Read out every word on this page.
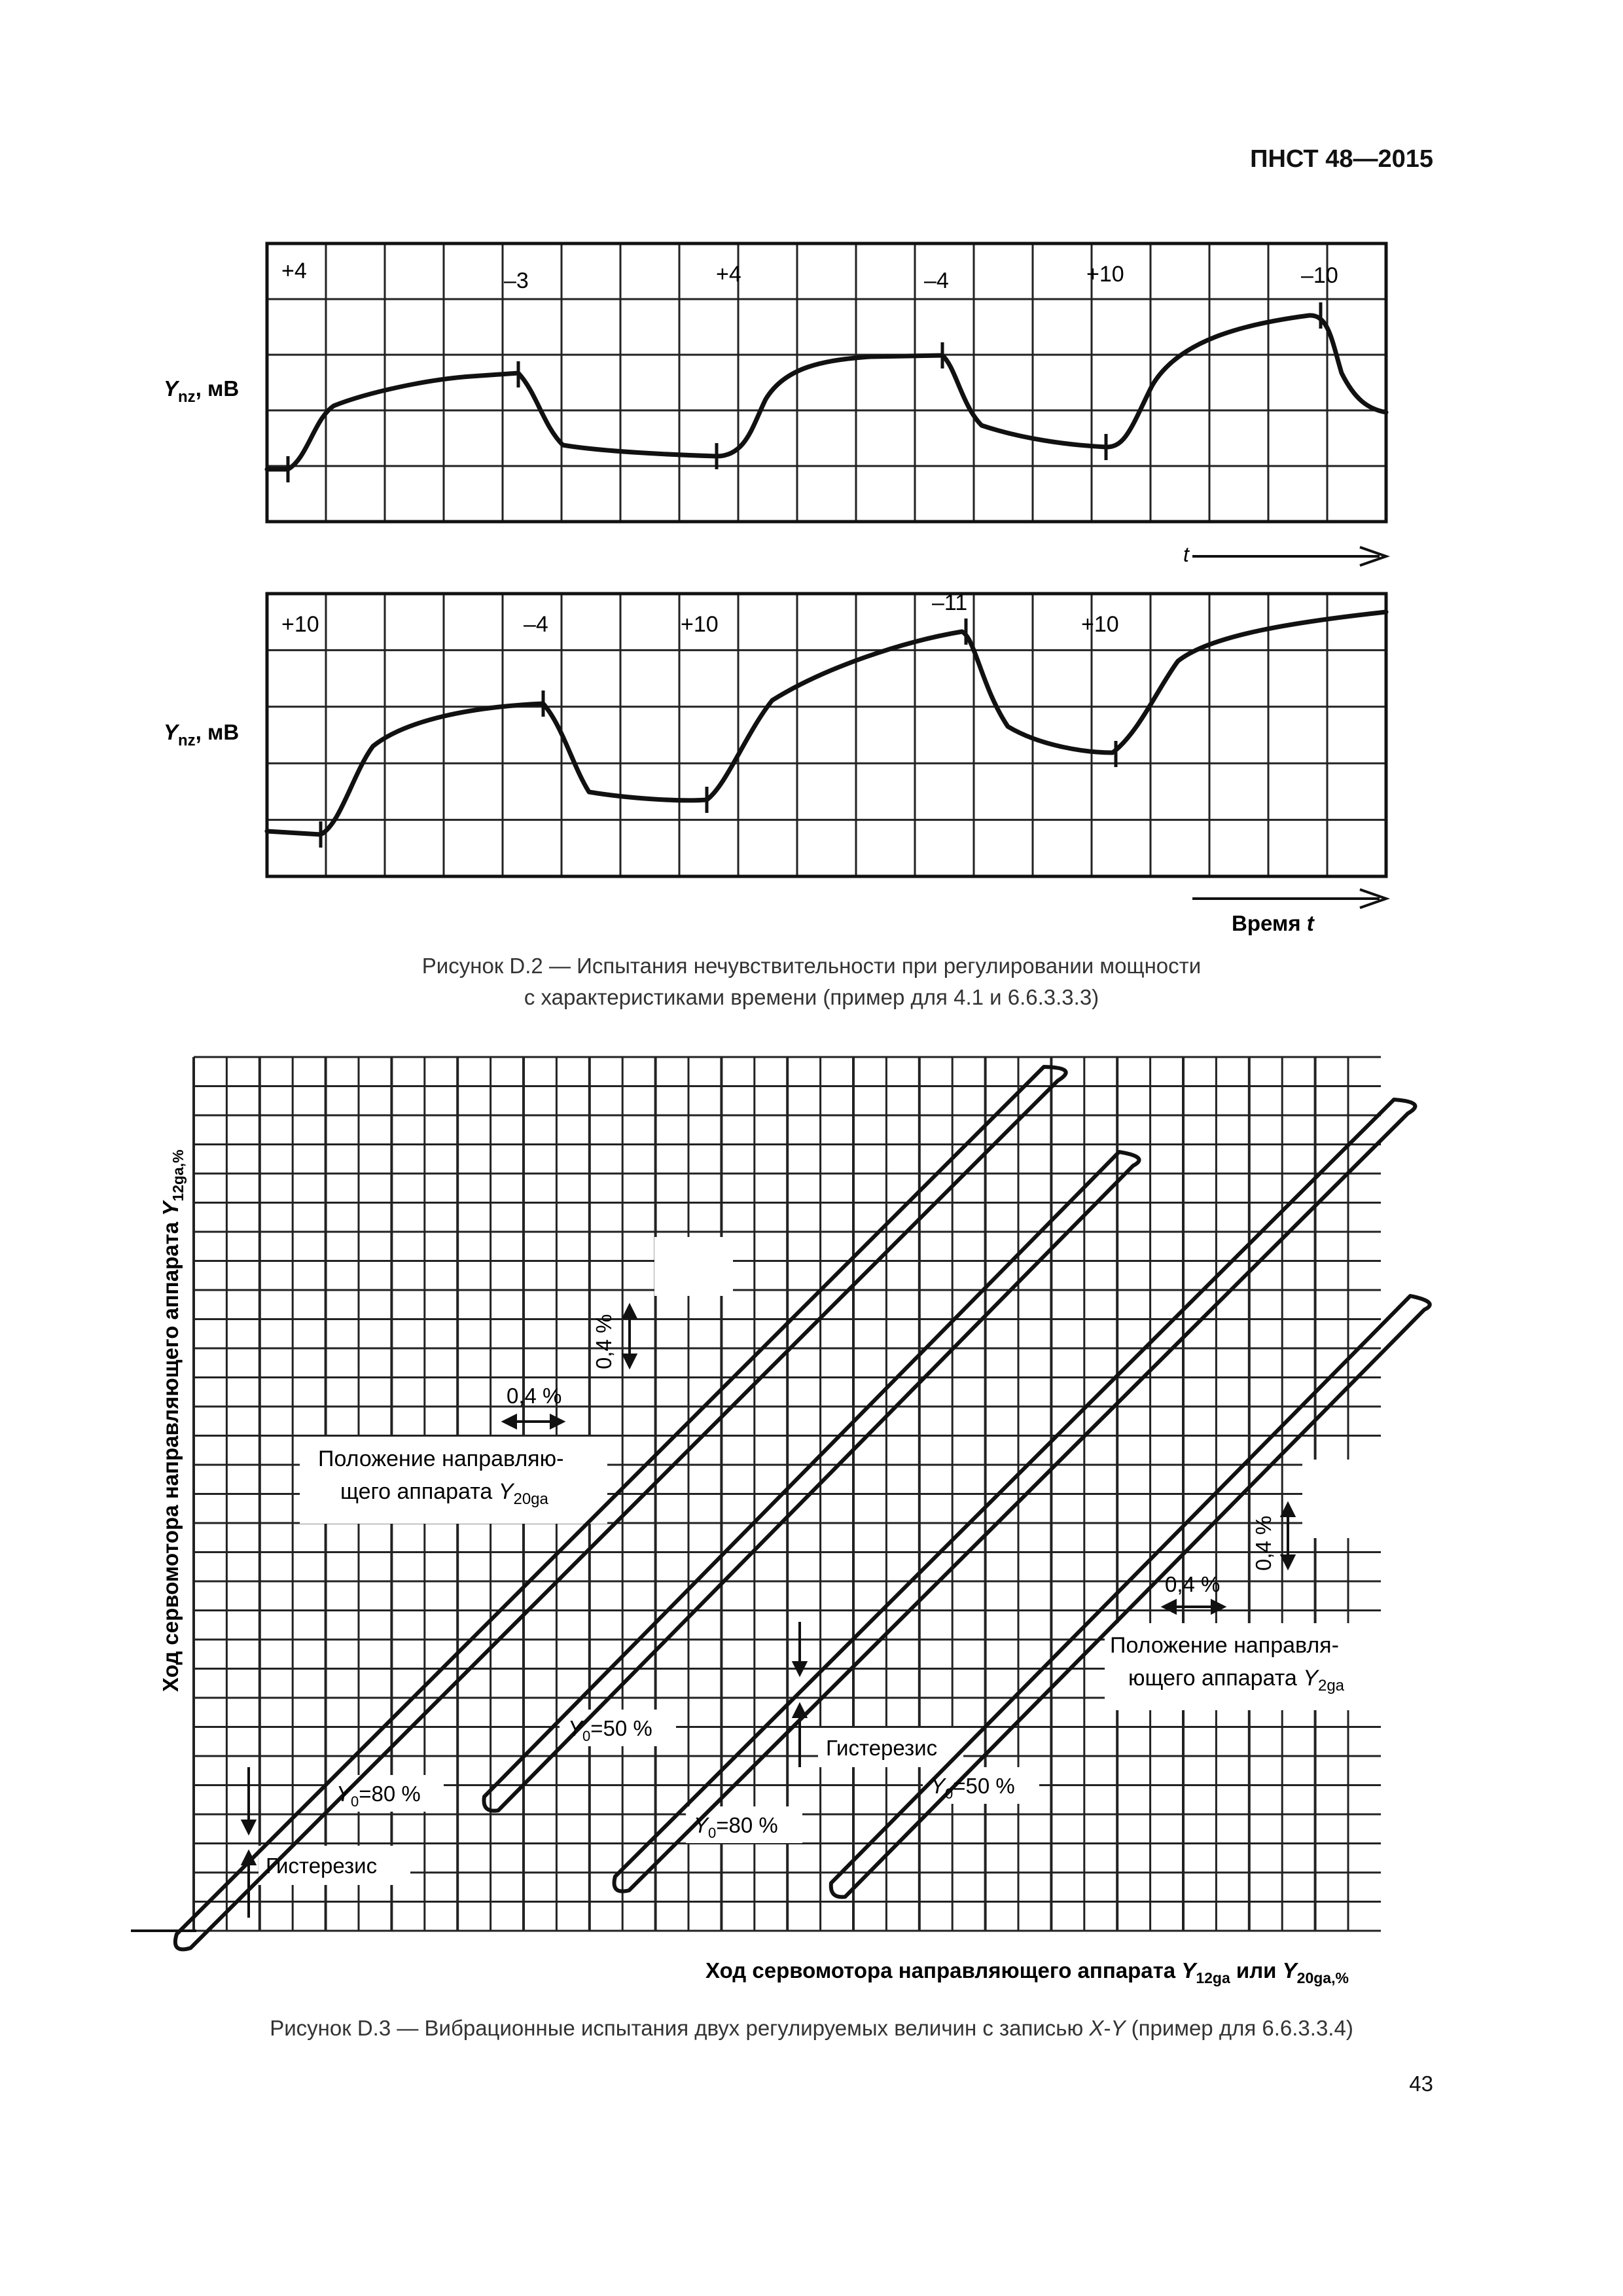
ПНСТ 48—2015
+4	–3	+4	–4	+10	–10
$Y_{nz}$, мВ
t
+10	–4	+10
–11
+10
$Y_{nz}$, мВ
Время t
0,4 %
0,4 %
0,4 %
0,4 %
Положение направляю-
щего аппарата $Y_{20ga}$
Положение направля-
ющего аппарата $Y_{2ga}$
Гистерезис
Гистерезис
$Y_0=80$ %
$Y_0=50$ %
$Y_0=80$ %
$Y_0=50$ %
Ход сервомотора направляющего аппарата $Y_{12ga}$ или $Y_{20ga,\%}$
Ход сервомотора направляющего аппарата $Y_{12ga,\%}$
Рисунок D.2 — Испытания нечувствительности при регулировании мощности
с характеристиками времени (пример для 4.1 и 6.6.3.3.3)
Рисунок D.3 — Вибрационные испытания двух регулируемых величин с записью X-Y (пример для 6.6.3.3.4)
43
